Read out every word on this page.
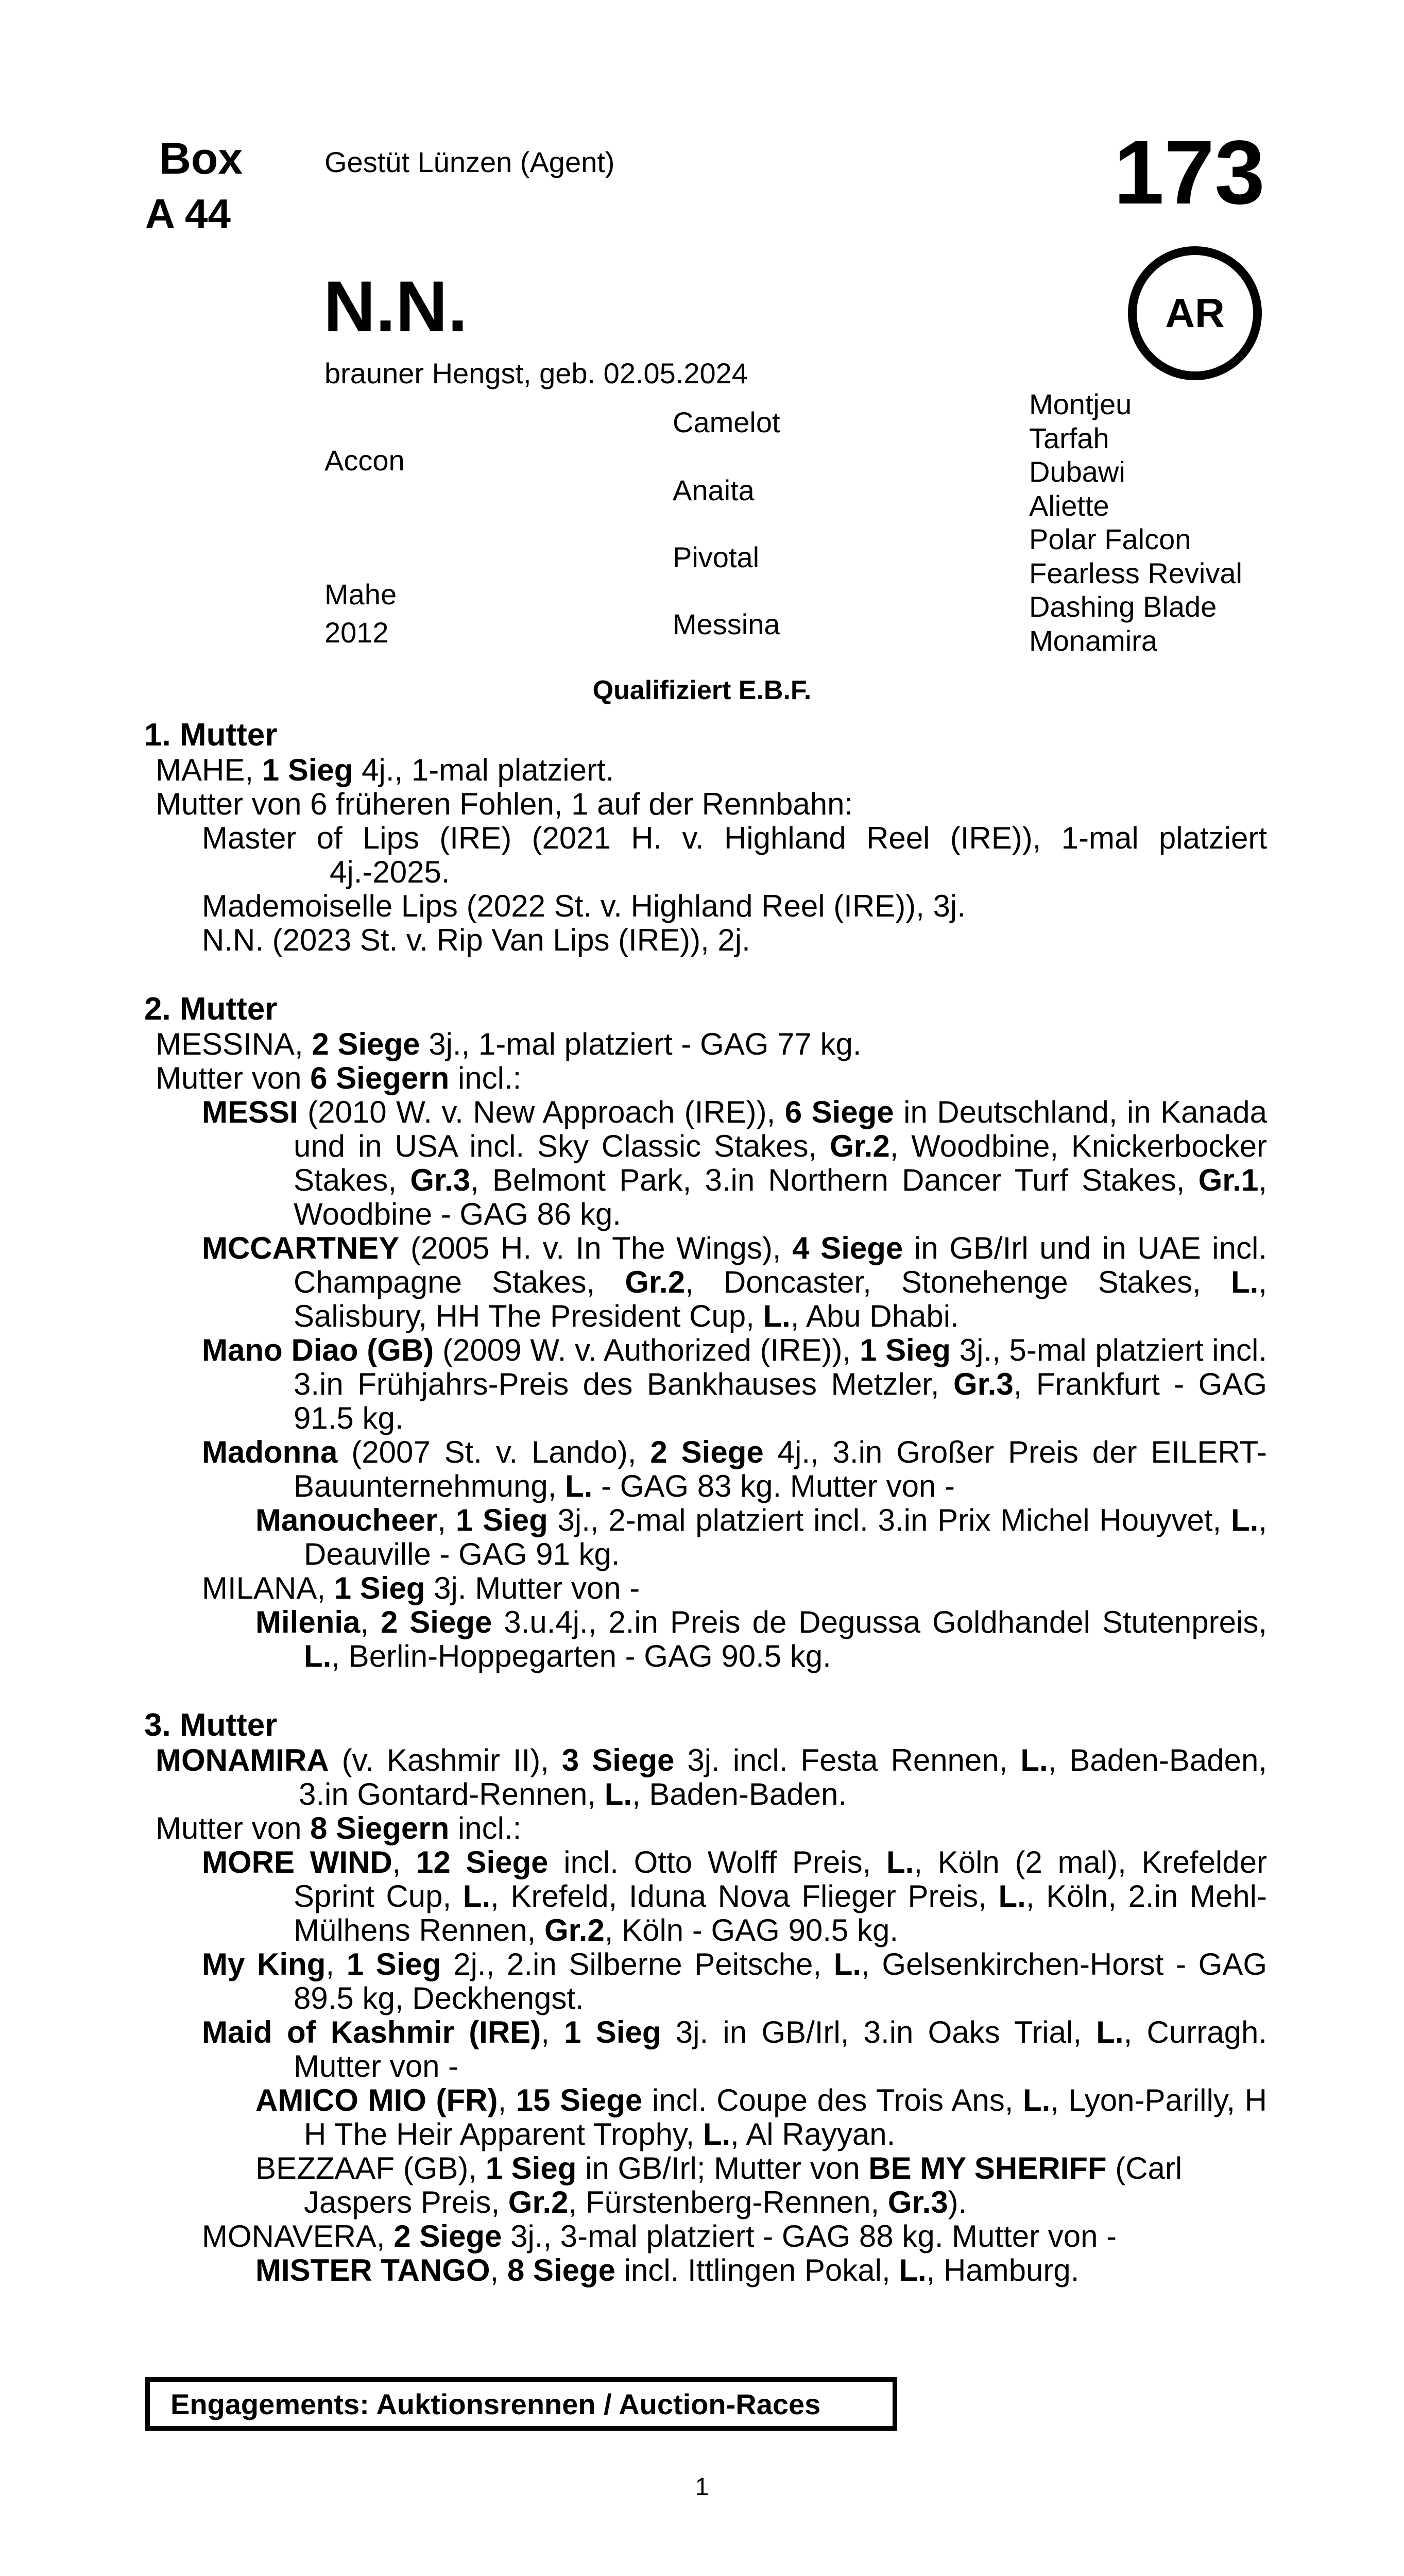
Box
A 44
Gestüt Lünzen (Agent)	173
AR
N.N.
brauner Hengst, geb. 02.05.2024
Accon
Mahe
2012
Camelot
Anaita
Pivotal
Messina
Montjeu
Tarfah
Dubawi
Aliette
Polar Falcon
Fearless Revival
Dashing Blade
Monamira
Qualifiziert E.B.F.
1. Mutter
MAHE, 1 Sieg 4j., 1-mal platziert.
Mutter von 6 früheren Fohlen, 1 auf der Rennbahn:
Master of Lips (IRE) (2021 H. v. Highland Reel (IRE)), 1-mal platziert 4j.-2025.
Mademoiselle Lips (2022 St. v. Highland Reel (IRE)), 3j.
N.N. (2023 St. v. Rip Van Lips (IRE)), 2j.
2. Mutter
MESSINA, 2 Siege 3j., 1-mal platziert - GAG 77 kg.
Mutter von 6 Siegern incl.:
MESSI (2010 W. v. New Approach (IRE)), 6 Siege in Deutschland, in Kanada und in USA incl. Sky Classic Stakes, Gr.2, Woodbine, Knickerbocker Stakes, Gr.3, Belmont Park, 3.in Northern Dancer Turf Stakes, Gr.1, Woodbine - GAG 86 kg.
MCCARTNEY (2005 H. v. In The Wings), 4 Siege in GB/Irl und in UAE incl. Champagne Stakes, Gr.2, Doncaster, Stonehenge Stakes, L., Salisbury, HH The President Cup, L., Abu Dhabi.
Mano Diao (GB) (2009 W. v. Authorized (IRE)), 1 Sieg 3j., 5-mal platziert incl. 3.in Frühjahrs-Preis des Bankhauses Metzler, Gr.3, Frankfurt - GAG 91.5 kg.
Madonna (2007 St. v. Lando), 2 Siege 4j., 3.in Großer Preis der EILERT-Bauunternehmung, L. - GAG 83 kg. Mutter von -
Manoucheer, 1 Sieg 3j., 2-mal platziert incl. 3.in Prix Michel Houyvet, L., Deauville - GAG 91 kg.
MILANA, 1 Sieg 3j. Mutter von -
Milenia, 2 Siege 3.u.4j., 2.in Preis de Degussa Goldhandel Stutenpreis, L., Berlin-Hoppegarten - GAG 90.5 kg.
3. Mutter
MONAMIRA (v. Kashmir II), 3 Siege 3j. incl. Festa Rennen, L., Baden-Baden, 3.in Gontard-Rennen, L., Baden-Baden.
Mutter von 8 Siegern incl.:
MORE WIND, 12 Siege incl. Otto Wolff Preis, L., Köln (2 mal), Krefelder Sprint Cup, L., Krefeld, Iduna Nova Flieger Preis, L., Köln, 2.in Mehl-Mülhens Rennen, Gr.2, Köln - GAG 90.5 kg.
My King, 1 Sieg 2j., 2.in Silberne Peitsche, L., Gelsenkirchen-Horst - GAG 89.5 kg, Deckhengst.
Maid of Kashmir (IRE), 1 Sieg 3j. in GB/Irl, 3.in Oaks Trial, L., Curragh. Mutter von -
AMICO MIO (FR), 15 Siege incl. Coupe des Trois Ans, L., Lyon-Parilly, H H The Heir Apparent Trophy, L., Al Rayyan.
BEZZAAF (GB), 1 Sieg in GB/Irl; Mutter von BE MY SHERIFF (Carl Jaspers Preis, Gr.2, Fürstenberg-Rennen, Gr.3).
MONAVERA, 2 Siege 3j., 3-mal platziert - GAG 88 kg. Mutter von -
MISTER TANGO, 8 Siege incl. Ittlingen Pokal, L., Hamburg.
Engagements: Auktionsrennen / Auction-Races
1
